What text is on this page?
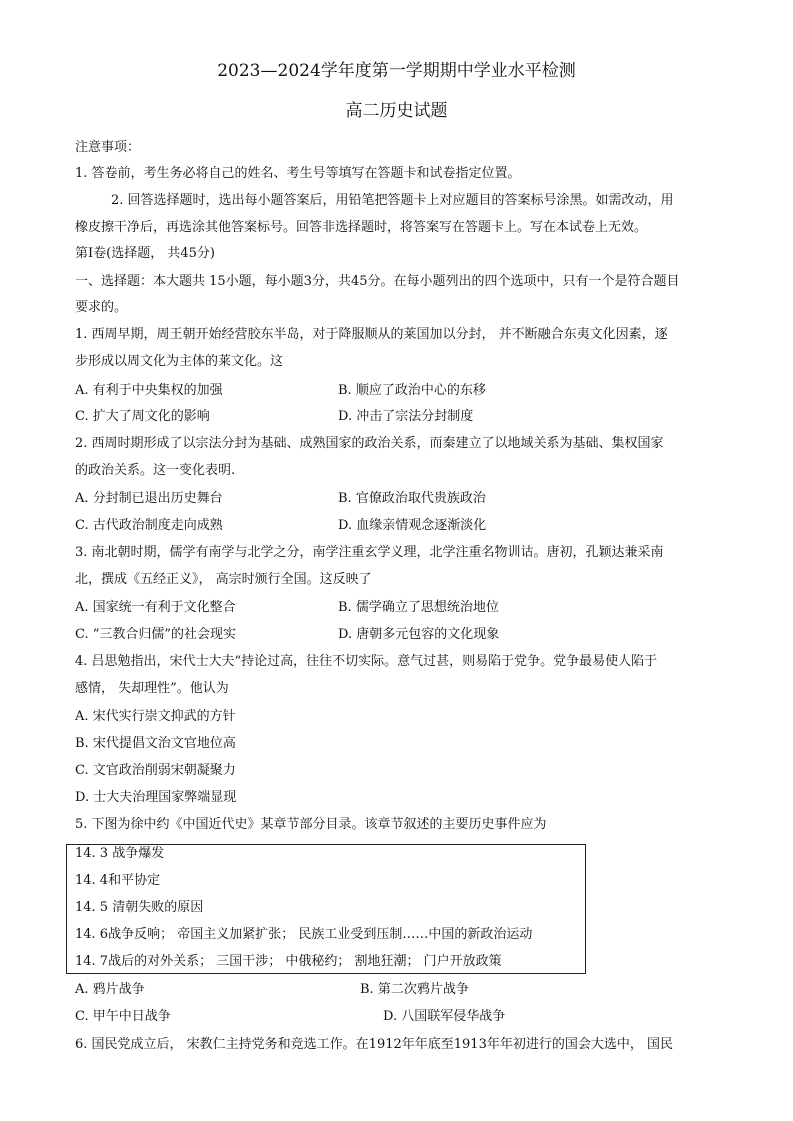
2023—2024学年度第一学期期中学业水平检测
高二历史试题
注意事项：
1. 答卷前，考生务必将自己的姓名、考生号等填写在答题卡和试卷指定位置。
2. 回答选择题时，选出每小题答案后，用铅笔把答题卡上对应题目的答案标号涂黑。如需改动，用
橡皮擦干净后，再选涂其他答案标号。回答非选择题时，将答案写在答题卡上。写在本试卷上无效。
第Ⅰ卷(选择题， 共45分)
一、选择题：本大题共 15小题，每小题3分，共45分。在每小题列出的四个选项中，只有一个是符合题目
要求的。
1. 西周早期，周王朝开始经营胶东半岛，对于降服顺从的莱国加以分封， 并不断融合东夷文化因素，逐
步形成以周文化为主体的莱文化。这
A. 有利于中央集权的加强	B. 顺应了政治中心的东移
C. 扩大了周文化的影响	D. 冲击了宗法分封制度
2. 西周时期形成了以宗法分封为基础、成熟国家的政治关系，而秦建立了以地域关系为基础、集权国家
的政治关系。这一变化表明.
A. 分封制已退出历史舞台	B. 官僚政治取代贵族政治
C. 古代政治制度走向成熟	D. 血缘亲情观念逐渐淡化
3. 南北朝时期，儒学有南学与北学之分，南学注重玄学义理，北学注重名物训诂。唐初，孔颖达兼采南
北，撰成《五经正义》， 高宗时颁行全国。这反映了
A. 国家统一有利于文化整合	B. 儒学确立了思想统治地位
C. “三教合归儒”的社会现实	D. 唐朝多元包容的文化现象
4. 吕思勉指出，宋代士大夫“持论过高，往往不切实际。意气过甚，则易陷于党争。党争最易使人陷于
感情， 失却理性”。他认为
A. 宋代实行崇文抑武的方针
B. 宋代提倡文治文官地位高
C. 文官政治削弱宋朝凝聚力
D. 士大夫治理国家弊端显现
5. 下图为徐中约《中国近代史》某章节部分目录。该章节叙述的主要历史事件应为
14. 3 战争爆发
14. 4和平协定
14. 5 清朝失败的原因
14. 6战争反响； 帝国主义加紧扩张； 民族工业受到压制……中国的新政治运动
14. 7战后的对外关系； 三国干涉； 中俄秘约； 割地狂潮； 门户开放政策
A. 鸦片战争	B. 第二次鸦片战争
C. 甲午中日战争	D. 八国联军侵华战争
6. 国民党成立后， 宋教仁主持党务和竞选工作。在1912年年底至1913年年初进行的国会大选中， 国民
